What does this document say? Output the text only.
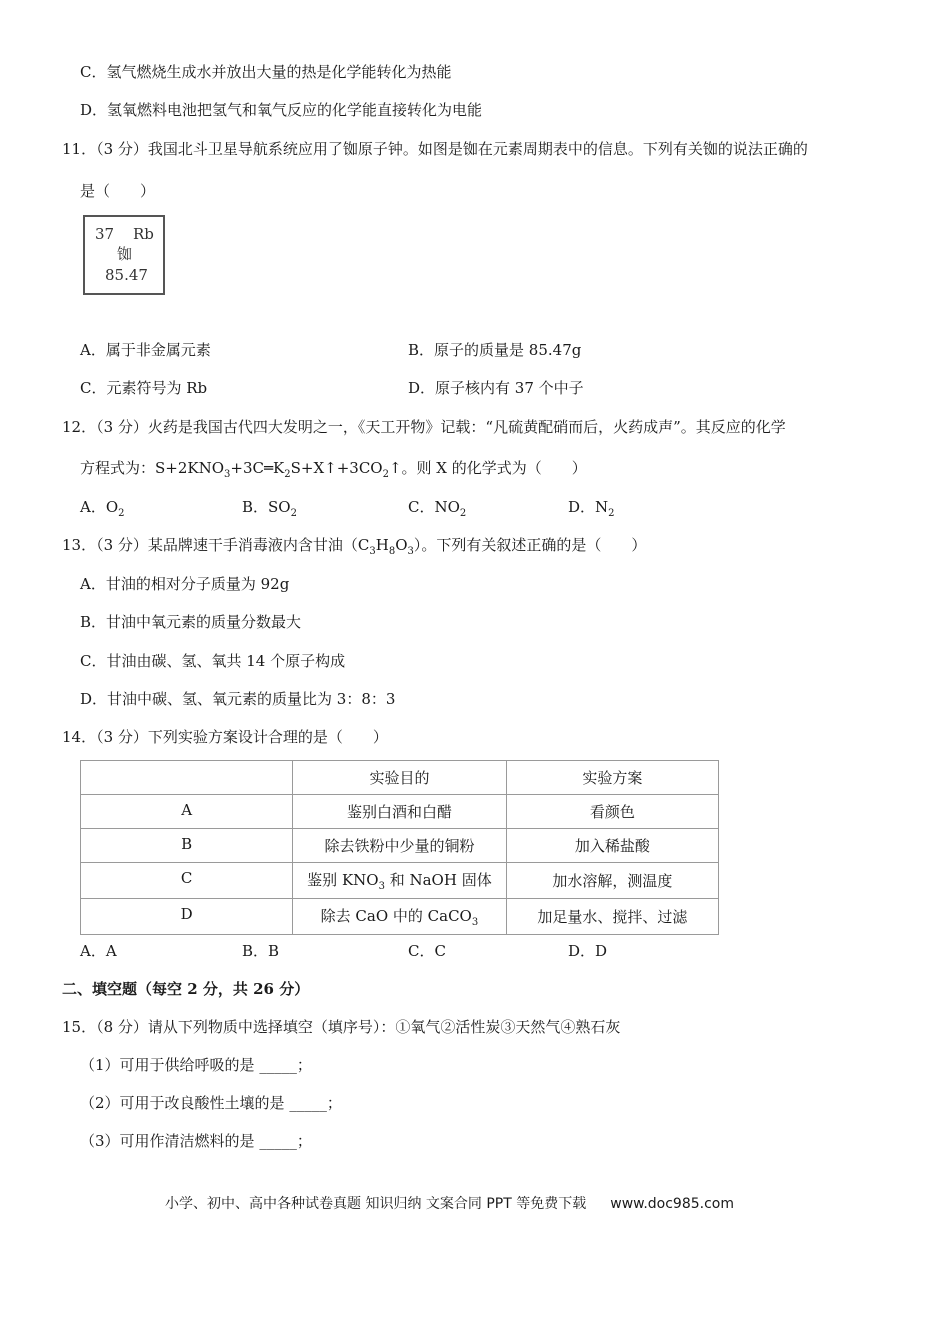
C．氢气燃烧生成水并放出大量的热是化学能转化为热能
D．氢氧燃料电池把氢气和氧气反应的化学能直接转化为电能
11．（3 分）我国北斗卫星导航系统应用了铷原子钟。如图是铷在元素周期表中的信息。下列有关铷的说法正确的
是（　　）
37 Rb
铷
85.47
A．属于非金属元素	B．原子的质量是 85.47g
C．元素符号为 Rb	D．原子核内有 37 个中子
12．（3 分）火药是我国古代四大发明之一，《天工开物》记载：“凡硫黄配硝而后，火药成声”。其反应的化学
方程式为：$S+2KNO_3+3C═K_2S+X↑+3CO_2↑$。则 X 的化学式为（　　）
A．$O_2$	B．$SO_2$	C．$NO_2$	D．$N_2$
13．（3 分）某品牌速干手消毒液内含甘油$(C_3H_8O_3)$。下列有关叙述正确的是（　　）
A．甘油的相对分子质量为 92g
B．甘油中氧元素的质量分数最大
C．甘油由碳、氢、氧共 14 个原子构成
D．甘油中碳、氢、氧元素的质量比为 3：8：3
14．（3 分）下列实验方案设计合理的是（　　）
	实验目的	实验方案
A	鉴别白酒和白醋	看颜色
B	除去铁粉中少量的铜粉	加入稀盐酸
C	鉴别 $KNO_3$ 和 NaOH 固体	加水溶解，测温度
D	除去 CaO 中的 CaCO$_3$	加足量水、搅拌、过滤
A．A	B．B	C．C	D．D
二、填空题（每空 2 分，共 26 分）
15．（8 分）请从下列物质中选择填空（填序号）：①氧气②活性炭③天然气④熟石灰
（1）可用于供给呼吸的是 _____；
（2）可用于改良酸性土壤的是 _____；
（3）可用作清洁燃料的是 _____；
小学、初中、高中各种试卷真题 知识归纳 文案合同 PPT 等免费下载 www.doc985.com
